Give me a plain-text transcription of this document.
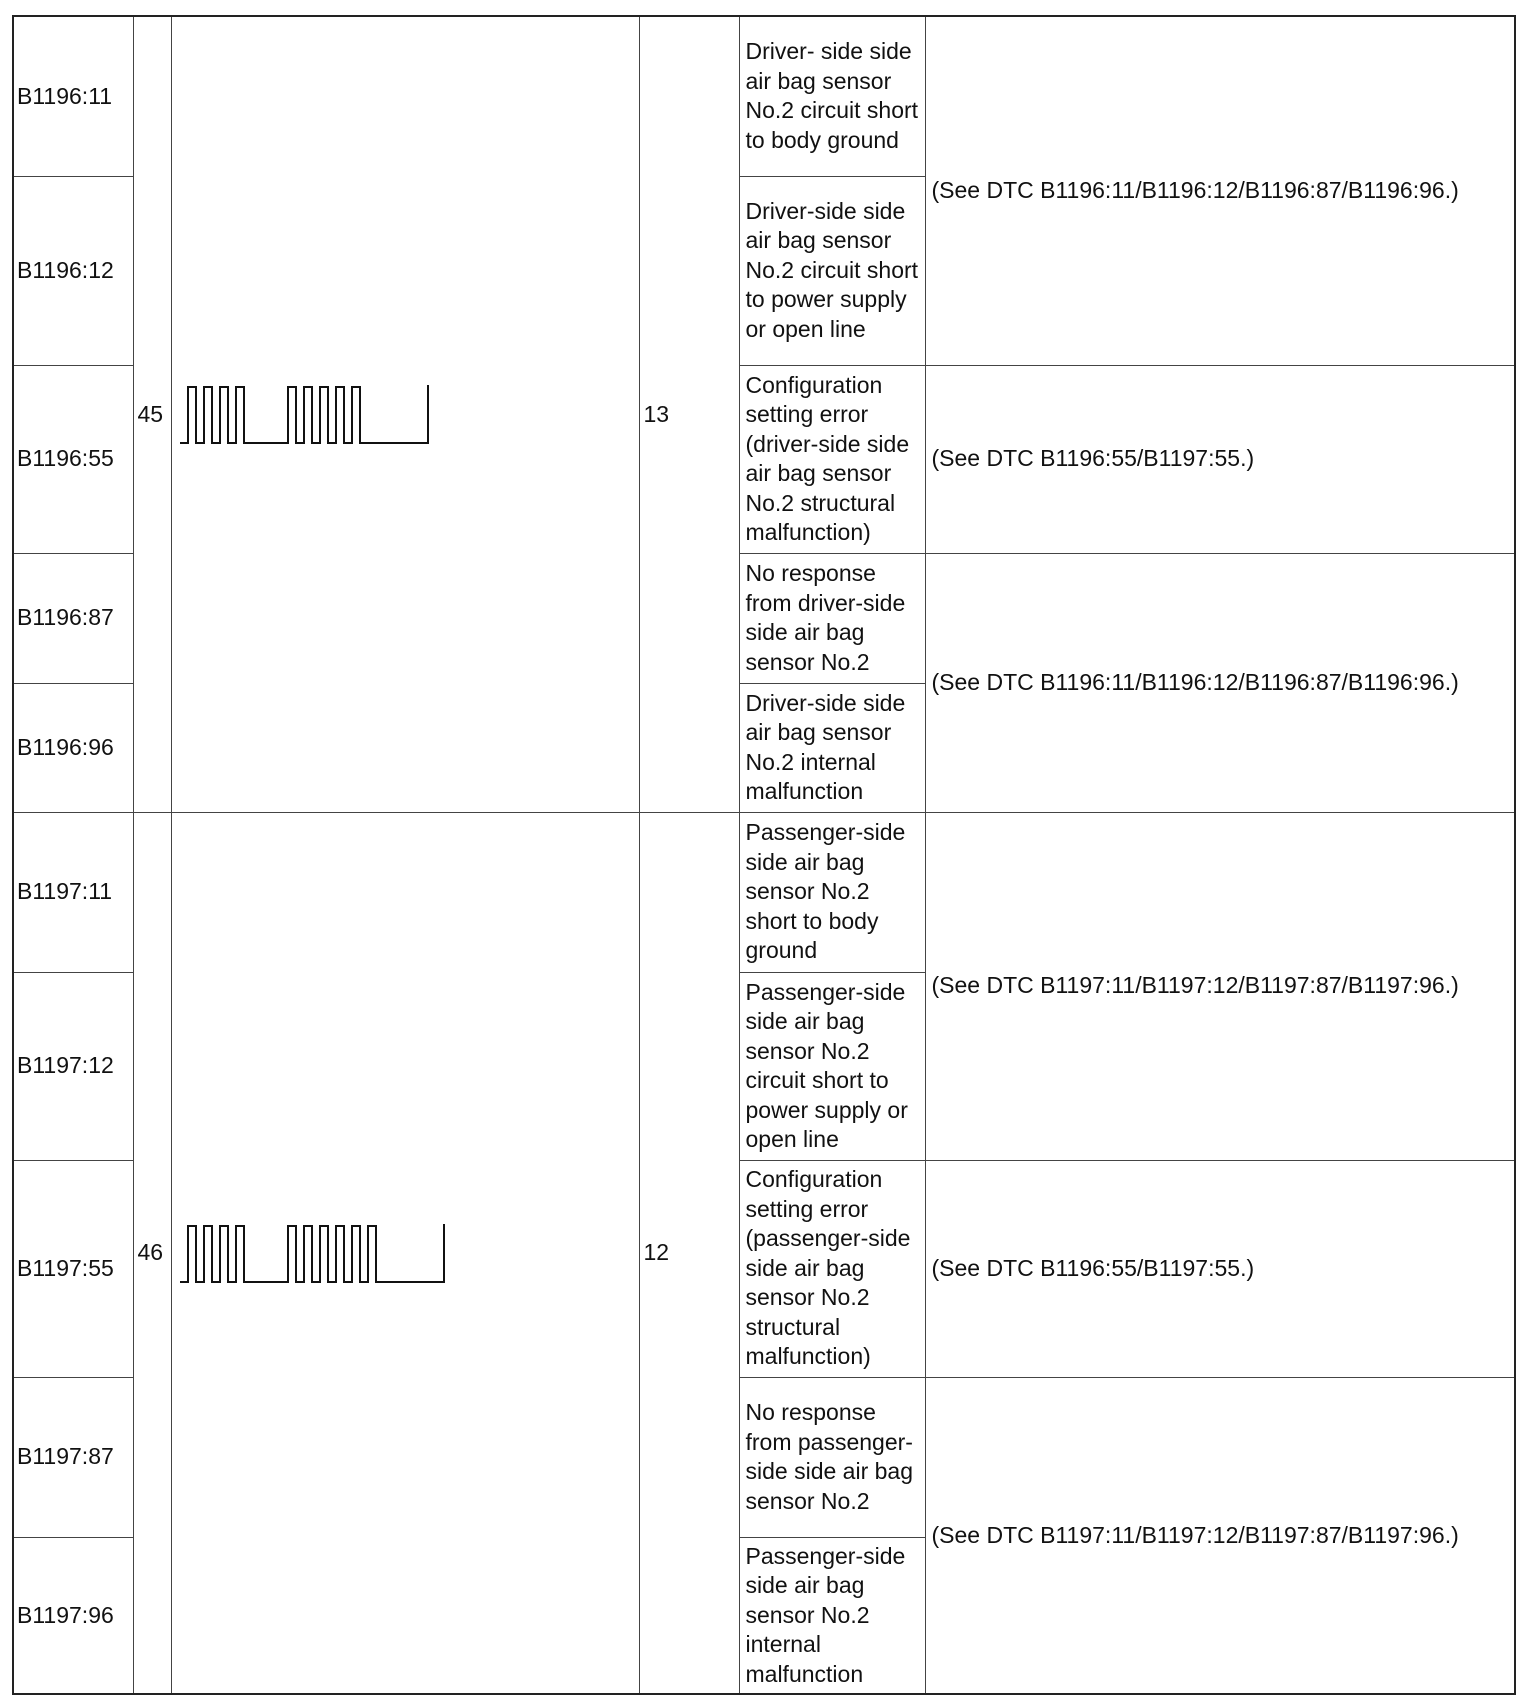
B1196:11	45		13	Driver- side side air bag sensor No.2 circuit short to body ground	(See DTC B1196:11/B1196:12/B1196:87/B1196:96.)
B1196:12				Driver-side side air bag sensor No.2 circuit short to power supply or open line	
B1196:55				Configuration setting error (driver-side side air bag sensor No.2 structural malfunction)	(See DTC B1196:55/B1197:55.)
B1196:87				No response from driver-side side air bag sensor No.2	(See DTC B1196:11/B1196:12/B1196:87/B1196:96.)
B1196:96				Driver-side side air bag sensor No.2 internal malfunction	
B1197:11	46		12	Passenger-side side air bag sensor No.2 short to body ground	(See DTC B1197:11/B1197:12/B1197:87/B1197:96.)
B1197:12				Passenger-side side air bag sensor No.2 circuit short to power supply or open line	
B1197:55				Configuration setting error (passenger-side side air bag sensor No.2 structural malfunction)	(See DTC B1196:55/B1197:55.)
B1197:87				No response from passenger-side side air bag sensor No.2	(See DTC B1197:11/B1197:12/B1197:87/B1197:96.)
B1197:96				Passenger-side side air bag sensor No.2 internal malfunction	
